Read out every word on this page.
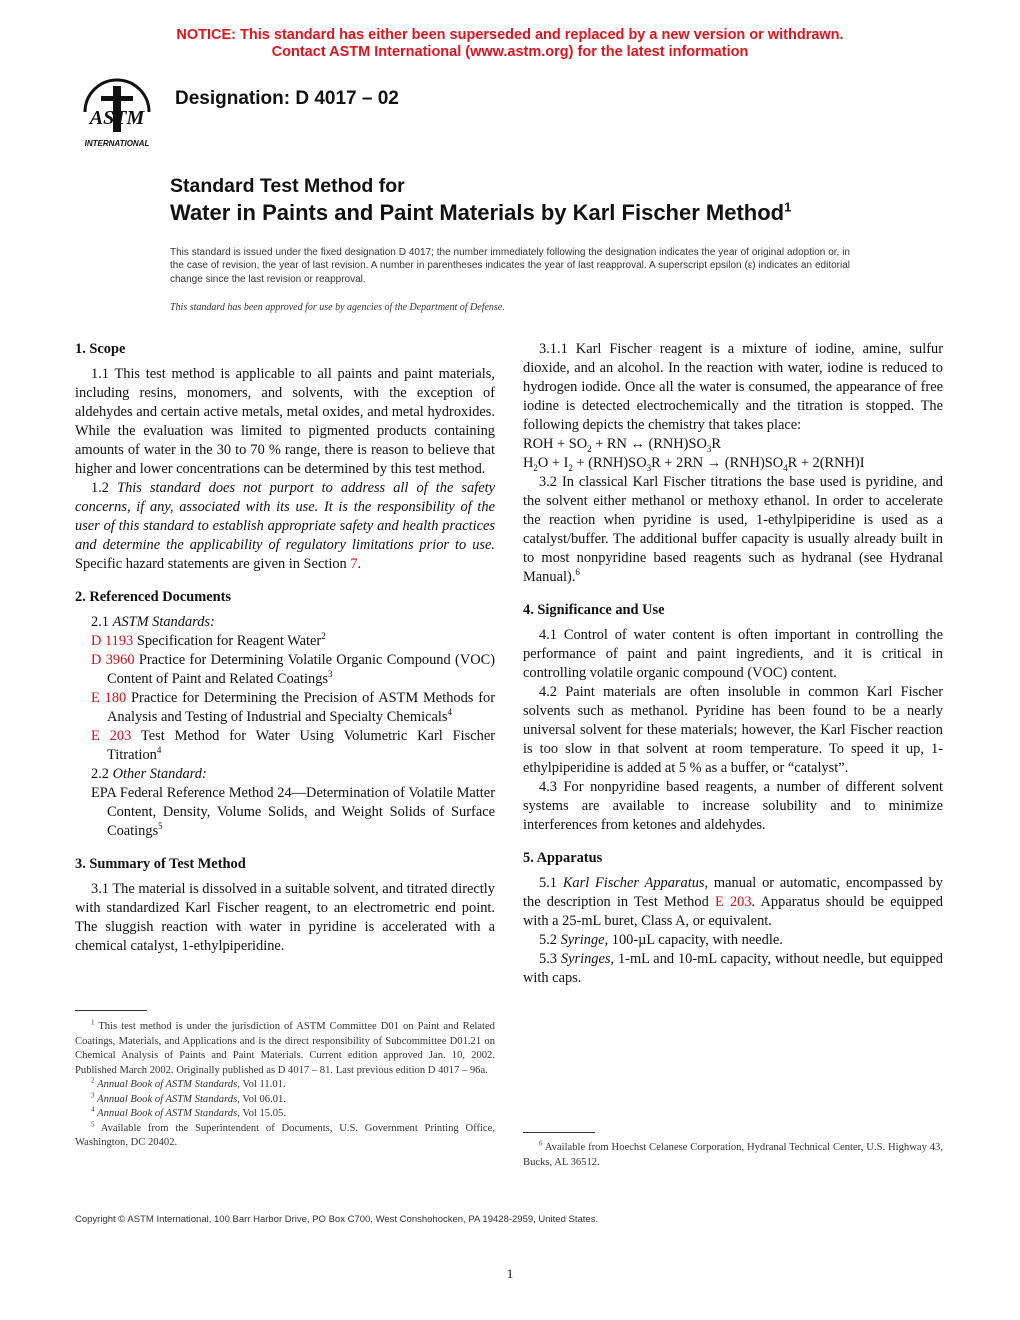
NOTICE: This standard has either been superseded and replaced by a new version or withdrawn.
Contact ASTM International (www.astm.org) for the latest information
ASTM
INTERNATIONAL
Designation: D 4017 – 02
Standard Test Method for
Water in Paints and Paint Materials by Karl Fischer Method$^1$
This standard is issued under the fixed designation D 4017; the number immediately following the designation indicates the year of original adoption or, in the case of revision, the year of last revision. A number in parentheses indicates the year of last reapproval. A superscript epsilon (ε) indicates an editorial change since the last revision or reapproval.
This standard has been approved for use by agencies of the Department of Defense.

1. Scope

1.1 This test method is applicable to all paints and paint materials, including resins, monomers, and solvents, with the exception of aldehydes and certain active metals, metal oxides, and metal hydroxides. While the evaluation was limited to pigmented products containing amounts of water in the 30 to 70 % range, there is reason to believe that higher and lower concentrations can be determined by this test method.

1.2 This standard does not purport to address all of the safety concerns, if any, associated with its use. It is the responsibility of the user of this standard to establish appropriate safety and health practices and determine the applicability of regulatory limitations prior to use. Specific hazard statements are given in Section 7.

2. Referenced Documents

2.1 ASTM Standards:

D 1193 Specification for Reagent Water$^2$

D 3960 Practice for Determining Volatile Organic Compound (VOC) Content of Paint and Related Coatings$^3$

E 180 Practice for Determining the Precision of ASTM Methods for Analysis and Testing of Industrial and Specialty Chemicals$^4$

E 203 Test Method for Water Using Volumetric Karl Fischer Titration$^4$

2.2 Other Standard:

EPA Federal Reference Method 24—Determination of Volatile Matter Content, Density, Volume Solids, and Weight Solids of Surface Coatings$^5$

3. Summary of Test Method

3.1 The material is dissolved in a suitable solvent, and titrated directly with standardized Karl Fischer reagent, to an electrometric end point. The sluggish reaction with water in pyridine is accelerated with a chemical catalyst, 1-ethylpiperidine.

$^1$ This test method is under the jurisdiction of ASTM Committee D01 on Paint and Related Coatings, Materials, and Applications and is the direct responsibility of Subcommittee D01.21 on Chemical Analysis of Paints and Paint Materials. Current edition approved Jan. 10, 2002. Published March 2002. Originally published as D 4017 – 81. Last previous edition D 4017 – 96a.

$^2$ Annual Book of ASTM Standards, Vol 11.01.

$^3$ Annual Book of ASTM Standards, Vol 06.01.

$^4$ Annual Book of ASTM Standards, Vol 15.05.

$^5$ Available from the Superintendent of Documents, U.S. Government Printing Office, Washington, DC 20402.

3.1.1 Karl Fischer reagent is a mixture of iodine, amine, sulfur dioxide, and an alcohol. In the reaction with water, iodine is reduced to hydrogen iodide. Once all the water is consumed, the appearance of free iodine is detected electrochemically and the titration is stopped. The following depicts the chemistry that takes place:

ROH + $SO_2$ + RN ↔ $(RNH)SO_3R$

$H_2O + I_2 + (RNH)SO_3R + 2RN \to (RNH)SO_4R + 2(RNH)I$

3.2 In classical Karl Fischer titrations the base used is pyridine, and the solvent either methanol or methoxy ethanol. In order to accelerate the reaction when pyridine is used, 1-ethylpiperidine is used as a catalyst/buffer. The additional buffer capacity is usually already built in to most nonpyridine based reagents such as hydranal (see Hydranal Manual).$^6$

4. Significance and Use

4.1 Control of water content is often important in controlling the performance of paint and paint ingredients, and it is critical in controlling volatile organic compound (VOC) content.

4.2 Paint materials are often insoluble in common Karl Fischer solvents such as methanol. Pyridine has been found to be a nearly universal solvent for these materials; however, the Karl Fischer reaction is too slow in that solvent at room temperature. To speed it up, 1-ethylpiperidine is added at 5 % as a buffer, or “catalyst”.

4.3 For nonpyridine based reagents, a number of different solvent systems are available to increase solubility and to minimize interferences from ketones and aldehydes.

5. Apparatus

5.1 Karl Fischer Apparatus, manual or automatic, encompassed by the description in Test Method E 203. Apparatus should be equipped with a 25-mL buret, Class A, or equivalent.

5.2 Syringe, 100-µL capacity, with needle.

5.3 Syringes, 1-mL and 10-mL capacity, without needle, but equipped with caps.

$^6$ Available from Hoechst Celanese Corporation, Hydranal Technical Center, U.S. Highway 43, Bucks, AL 36512.

Copyright © ASTM International, 100 Barr Harbor Drive, PO Box C700, West Conshohocken, PA 19428-2959, United States.
1
